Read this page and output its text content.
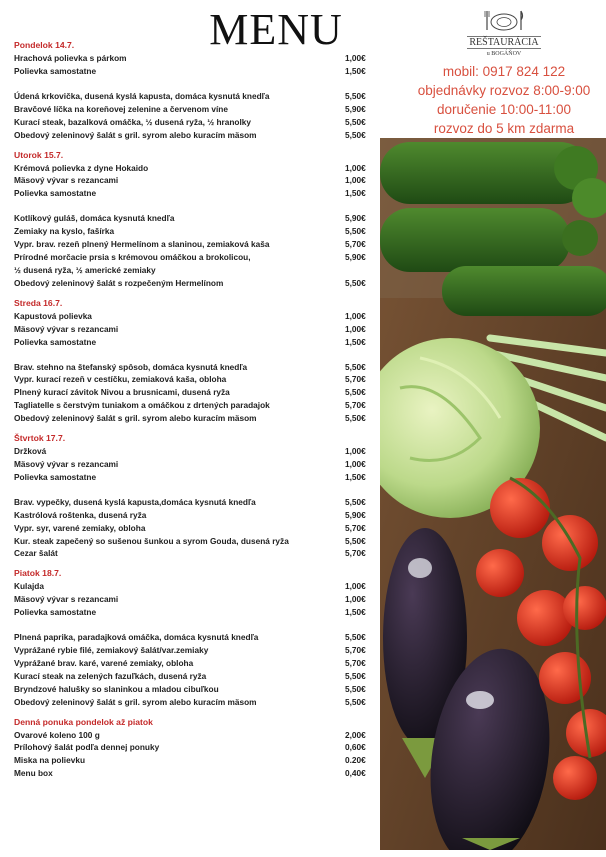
MENU	REŠTAURÁCIA
u BOGÁŇOV
mobil: 0917 824 122
objednávky rozvoz 8:00-9:00
doručenie 10:00-11:00
rozvoz do 5 km zdarma
Pondelok 14.7.
Hrachová polievka s párkom	1,00€
Polievka samostatne	1,50€
Údená krkovička, dusená kyslá kapusta, domáca kysnutá knedľa	5,50€
Bravčové líčka na koreňovej zelenine a červenom víne	5,90€
Kurací steak, bazalková omáčka, ½ dusená ryža, ½ hranolky	5,50€
Obedový zeleninový šalát s gril. syrom alebo kuracím mäsom	5,50€
Utorok 15.7.
Krémová polievka z dyne Hokaido	1,00€
Mäsový vývar s rezancami	1,00€
Polievka samostatne	1,50€
Kotlíkový guláš, domáca kysnutá knedľa	5,90€
Zemiaky na kyslo, fašírka	5,50€
Vypr. brav. rezeň plnený Hermelínom a slaninou, zemiaková kaša	5,70€
Prírodné morčacie prsia s krémovou omáčkou a brokolicou,	5,90€
½ dusená ryža, ½ americké zemiaky
Obedový zeleninový šalát s rozpečeným Hermelínom	5,50€
Streda 16.7.
Kapustová polievka	1,00€
Mäsový vývar s rezancami	1,00€
Polievka samostatne	1,50€
Brav. stehno na štefanský spôsob, domáca kysnutá knedľa	5,50€
Vypr. kurací rezeň v cestíčku, zemiaková kaša, obloha	5,70€
Plnený kurací závitok Nivou a brusnicami, dusená ryža	5,50€
Tagliatelle s čerstvým tuniakom a omáčkou z drtených paradajok	5,70€
Obedový zeleninový šalát s gril. syrom alebo kuracím mäsom	5,50€
Štvrtok 17.7.
Držková	1,00€
Mäsový vývar s rezancami	1,00€
Polievka samostatne	1,50€
Brav. vypečky, dusená kyslá kapusta,domáca kysnutá knedľa	5,50€
Kastrólová roštenka, dusená ryža	5,90€
Vypr. syr, varené zemiaky, obloha	5,70€
Kur. steak zapečený so sušenou šunkou a syrom Gouda, dusená ryža	5,50€
Cezar šalát	5,70€
Piatok 18.7.
Kulajda	1,00€
Mäsový vývar s rezancami	1,00€
Polievka samostatne	1,50€
Plnená paprika, paradajková omáčka, domáca kysnutá knedľa	5,50€
Vyprážané rybie filé, zemiakový šalát/var.zemiaky	5,70€
Vyprážané brav. karé, varené zemiaky, obloha	5,70€
Kurací steak na zelených fazuľkách, dusená ryža	5,50€
Bryndzové halušky so slaninkou a mladou cibuľkou	5,50€
Obedový zeleninový šalát s gril. syrom alebo kuracím mäsom	5,50€
Denná ponuka pondelok až piatok
Ovarové koleno 100 g	2,00€
Prílohový šalát podľa dennej ponuky	0,60€
Miska na polievku	0.20€
Menu box	0,40€
